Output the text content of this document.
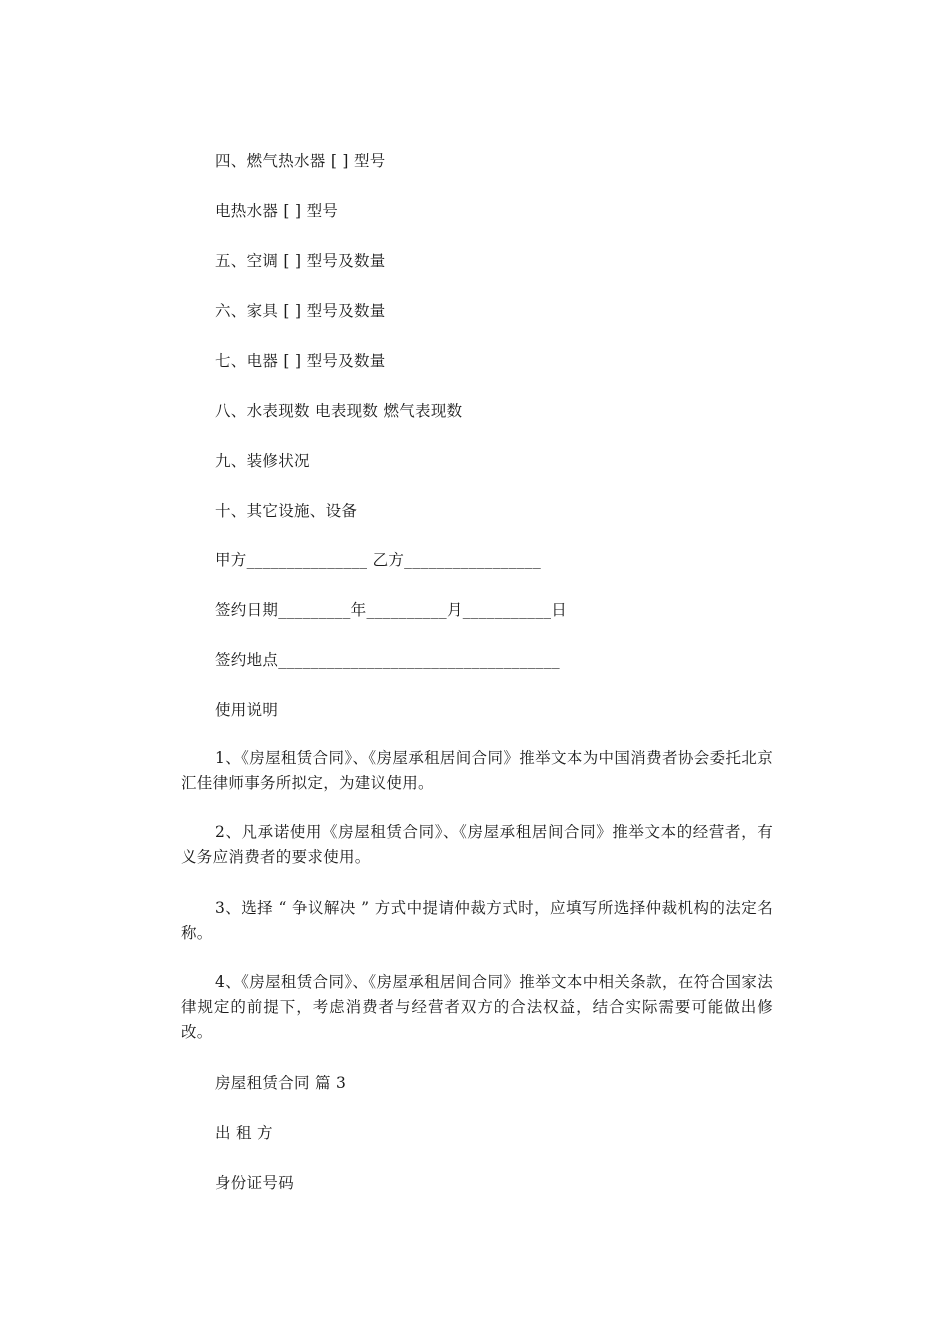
四、燃气热水器 [ ] 型号
电热水器 [ ] 型号
五、空调 [ ] 型号及数量
六、家具 [ ] 型号及数量
七、电器 [ ] 型号及数量
八、水表现数 电表现数 燃气表现数
九、装修状况
十、其它设施、设备
甲方_______________ 乙方_________________
签约日期_________年__________月___________日
签约地点___________________________________
使用说明
1、《房屋租赁合同》、《房屋承租居间合同》推举文本为中国消费者协会委托北京汇佳律师事务所拟定，为建议使用。
2、凡承诺使用《房屋租赁合同》、《房屋承租居间合同》推举文本的经营者，有义务应消费者的要求使用。
3、选择 “ 争议解决 ” 方式中提请仲裁方式时，应填写所选择仲裁机构的法定名称。
4、《房屋租赁合同》、《房屋承租居间合同》推举文本中相关条款，在符合国家法律规定的前提下，考虑消费者与经营者双方的合法权益，结合实际需要可能做出修改。
房屋租赁合同 篇 3
出 租 方
身份证号码
